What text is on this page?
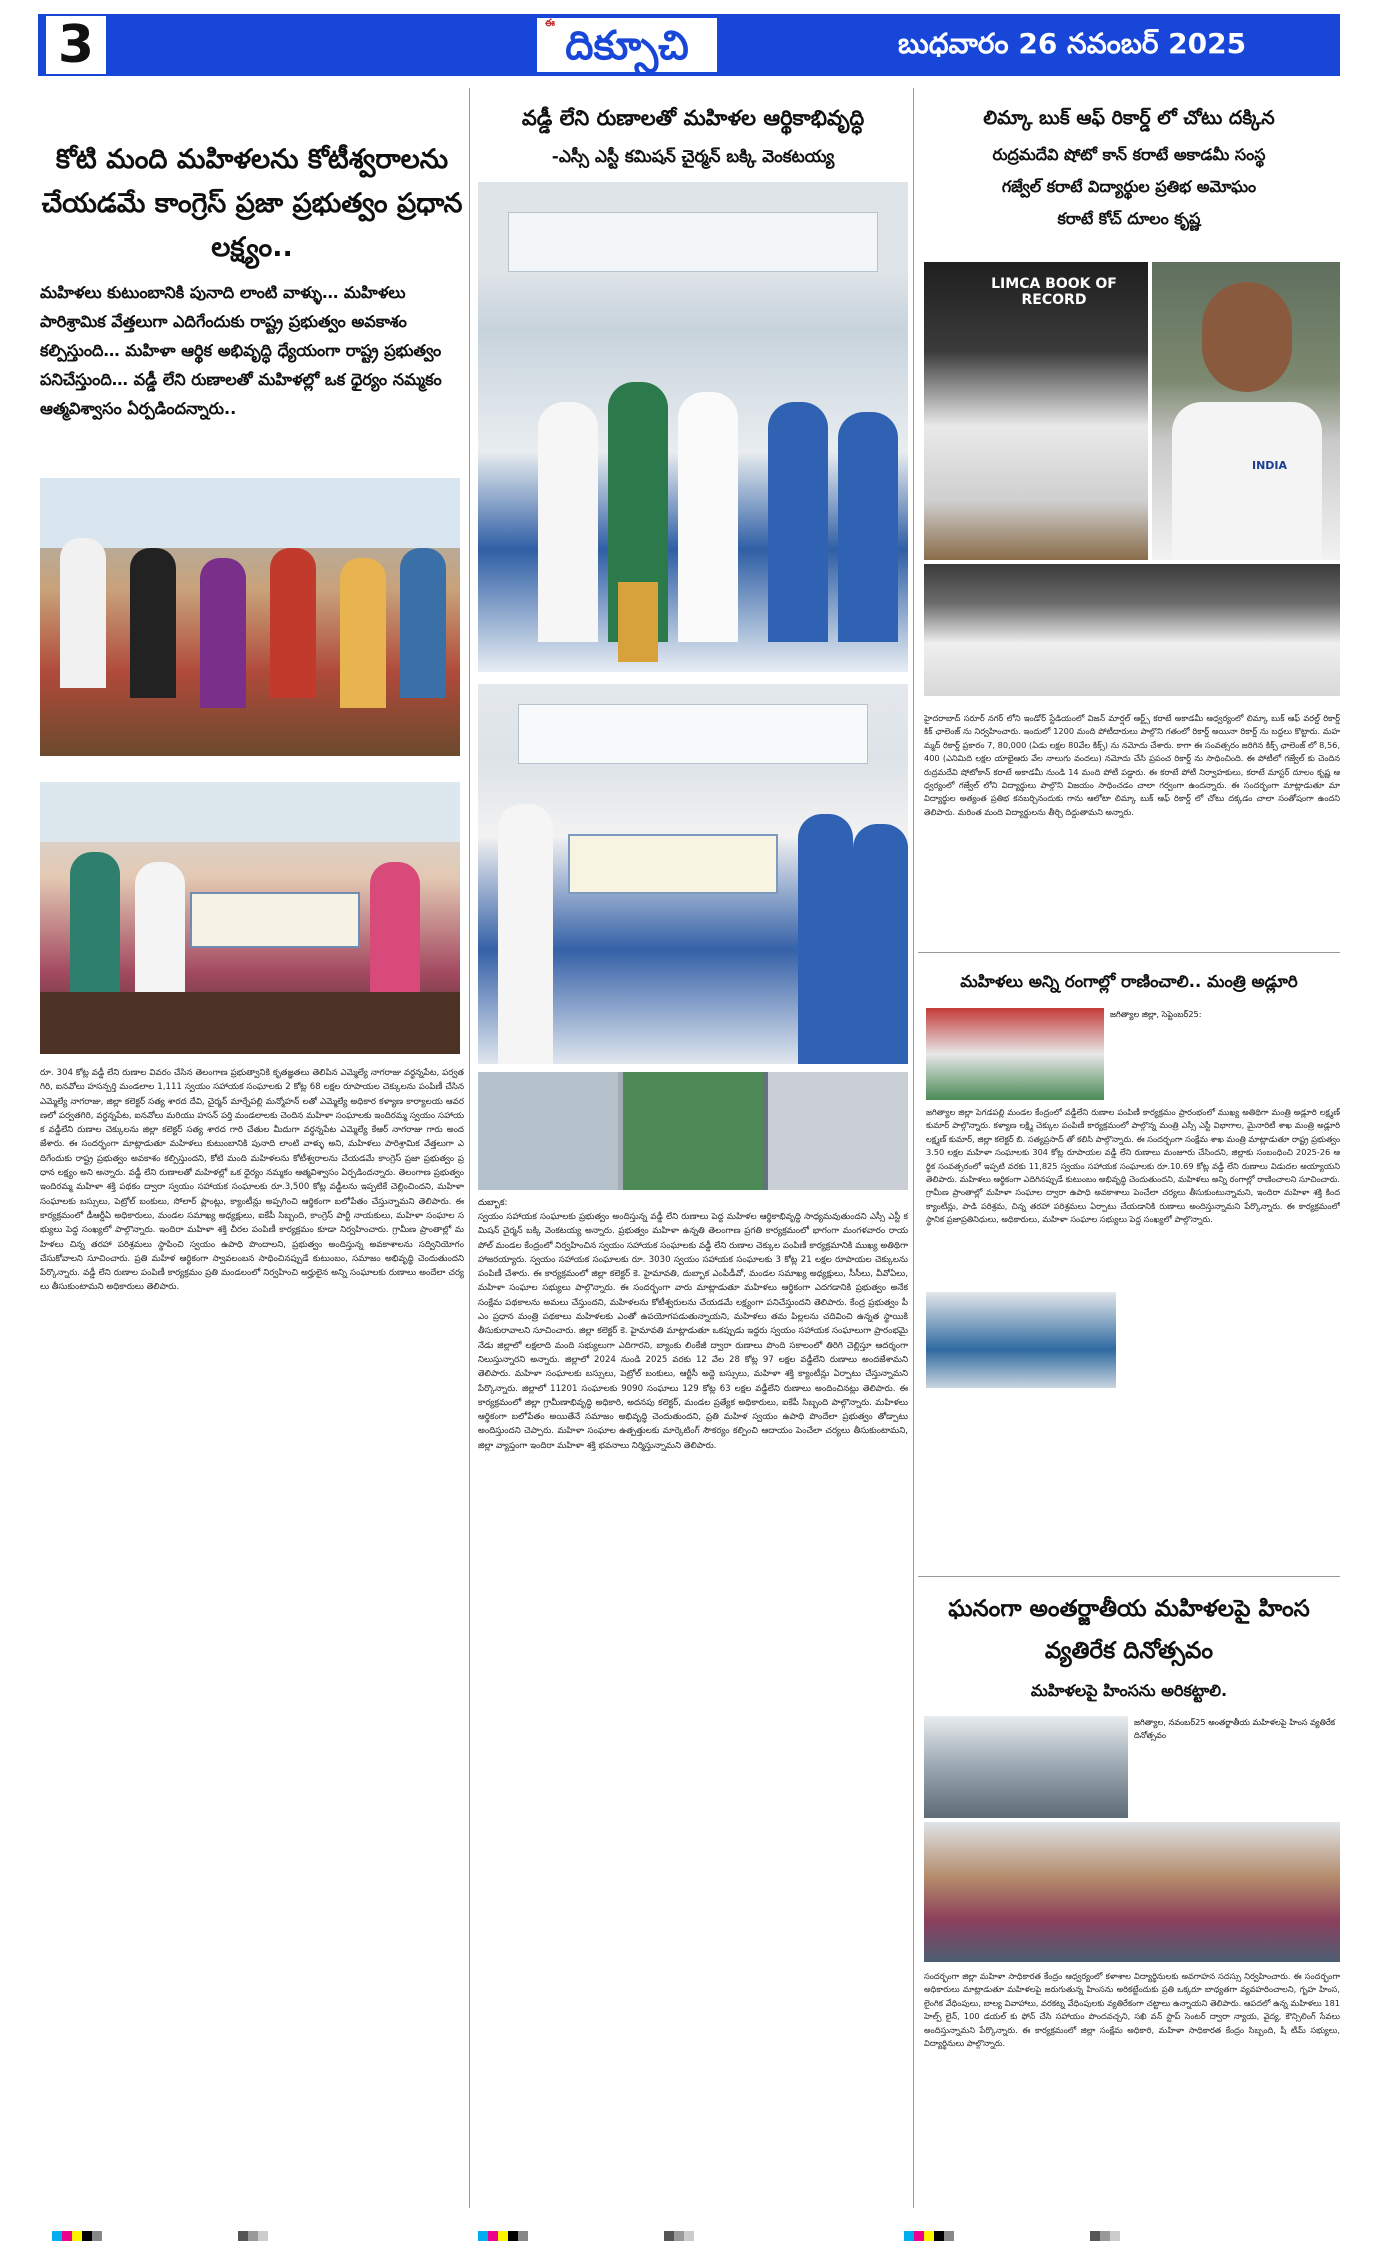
3	ఈ దిక్సూచి	బుధవారం 26 నవంబర్ 2025
కోటి మంది మహిళలను కోటీశ్వరాలను చేయడమే కాంగ్రెస్ ప్రజా ప్రభుత్వం ప్రధాన లక్ష్యం..
మహిళలు కుటుంబానికి పునాది లాంటి వాళ్ళు… మహిళలు పారిశ్రామిక వేత్తలుగా ఎదిగేందుకు రాష్ట్ర ప్రభుత్వం అవకాశం కల్పిస్తుంది… మహిళా ఆర్థిక అభివృద్ధి ధ్యేయంగా రాష్ట్ర ప్రభుత్వం పనిచేస్తుంది… వడ్డీ లేని రుణాలతో మహిళల్లో ఒక ధైర్యం నమ్మకం ఆత్మవిశ్వాసం ఏర్పడిందన్నారు..
రూ. 304 కోట్ల వడ్డీ లేని రుణాల వివరం చేసిన తెలంగాణ ప్రభుత్వానికి కృతజ్ఞతలు తెలిపిన ఎమ్మెల్యే నాగరాజు వర్ధన్నపేట, పర్వతగిరి, ఐనవోలు హసన్పర్తి మండలాల 1,111 స్వయం సహాయక సంఘాలకు 2 కోట్ల 68 లక్షల రూపాయల చెక్కులను పంపిణీ చేసిన ఎమ్మెల్యే నాగరాజు, జిల్లా కలెక్టర్ సత్య శారద దేవి, చైర్మన్ మార్నేపల్లి మన్మోహన్ లతో ఎమ్మెల్యే అధికార కళ్యాణ కార్యాలయ ఆవరణలో పర్వతగిరి, వర్ధన్నపేట, ఐనవోలు మరియు హసన్ పర్తి మండలాలకు చెందిన మహిళా సంఘాలకు ఇందిరమ్మ స్వయం సహాయక వడ్డీలేని రుణాల చెక్కులను జిల్లా కలెక్టర్ సత్య శారద గారి చేతుల మీదుగా వర్ధన్నపేట ఎమ్మెల్యే కేఆర్ నాగరాజు గారు అందజేశారు. ఈ సందర్భంగా మాట్లాడుతూ మహిళలు కుటుంబానికి పునాది లాంటి వాళ్ళు అని, మహిళలు పారిశ్రామిక వేత్తలుగా ఎదిగేందుకు రాష్ట్ర ప్రభుత్వం అవకాశం కల్పిస్తుందని, కోటి మంది మహిళలను కోటీశ్వరాలను చేయడమే కాంగ్రెస్ ప్రజా ప్రభుత్వం ప్రధాన లక్ష్యం అని అన్నారు. వడ్డీ లేని రుణాలతో మహిళల్లో ఒక ధైర్యం నమ్మకం ఆత్మవిశ్వాసం ఏర్పడిందన్నారు. తెలంగాణ ప్రభుత్వం ఇందిరమ్మ మహిళా శక్తి పథకం ద్వారా స్వయం సహాయక సంఘాలకు రూ.3,500 కోట్ల వడ్డీలను ఇప్పటికే చెల్లించిందని, మహిళా సంఘాలకు బస్సులు, పెట్రోల్ బంకులు, సోలార్ ప్లాంట్లు, క్యాంటీన్లు అప్పగించి ఆర్థికంగా బలోపేతం చేస్తున్నామని తెలిపారు. ఈ కార్యక్రమంలో డీఆర్డీఏ అధికారులు, మండల సమాఖ్య అధ్యక్షులు, ఐకేపీ సిబ్బంది, కాంగ్రెస్ పార్టీ నాయకులు, మహిళా సంఘాల సభ్యులు పెద్ద సంఖ్యలో పాల్గొన్నారు. ఇందిరా మహిళా శక్తి చీరల పంపిణీ కార్యక్రమం కూడా నిర్వహించారు. గ్రామీణ ప్రాంతాల్లో మహిళలు చిన్న తరహా పరిశ్రమలు స్థాపించి స్వయం ఉపాధి పొందాలని, ప్రభుత్వం అందిస్తున్న అవకాశాలను సద్వినియోగం చేసుకోవాలని సూచించారు. ప్రతి మహిళ ఆర్థికంగా స్వావలంబన సాధించినప్పుడే కుటుంబం, సమాజం అభివృద్ధి చెందుతుందని పేర్కొన్నారు. వడ్డీ లేని రుణాల పంపిణీ కార్యక్రమం ప్రతి మండలంలో నిర్వహించి అర్హులైన అన్ని సంఘాలకు రుణాలు అందేలా చర్యలు తీసుకుంటామని అధికారులు తెలిపారు.
వడ్డీ లేని రుణాలతో మహిళల ఆర్థికాభివృద్ధి
-ఎస్సీ ఎస్టీ కమిషన్ చైర్మన్ బక్కి వెంకటయ్య
దుబ్బాక:
స్వయం సహాయక సంఘాలకు ప్రభుత్వం అందిస్తున్న వడ్డీ లేని రుణాలు పెద్ద మహిళల ఆర్థికాభివృద్ధి సాధ్యమవుతుందని ఎస్సీ ఎస్టీ కమిషన్ చైర్మన్ బక్కి వెంకటయ్య అన్నారు. ప్రభుత్వం మహిళా ఉన్నతి తెలంగాణ ప్రగతి కార్యక్రమంలో భాగంగా మంగళవారం రాయపోల్ మండల కేంద్రంలో నిర్వహించిన స్వయం సహాయక సంఘాలకు వడ్డీ లేని రుణాల చెక్కుల పంపిణీ కార్యక్రమానికి ముఖ్య అతిథిగా హాజరయ్యారు. స్వయం సహాయక సంఘాలకు రూ. 3030 స్వయం సహాయక సంఘాలకు 3 కోట్ల 21 లక్షల రూపాయల చెక్కులను పంపిణీ చేశారు. ఈ కార్యక్రమంలో జిల్లా కలెక్టర్ కె. హైమావతి, దుబ్బాక ఎంపీడీవో, మండల సమాఖ్య అధ్యక్షులు, సీసీలు, వీవోఏలు, మహిళా సంఘాల సభ్యులు పాల్గొన్నారు. ఈ సందర్భంగా వారు మాట్లాడుతూ మహిళలు ఆర్థికంగా ఎదగడానికి ప్రభుత్వం అనేక సంక్షేమ పథకాలను అమలు చేస్తుందని, మహిళలను కోటీశ్వరులను చేయడమే లక్ష్యంగా పనిచేస్తుందని తెలిపారు. కేంద్ర ప్రభుత్వం పీ ఎం ప్రధాన మంత్రి పథకాలు మహిళలకు ఎంతో ఉపయోగపడుతున్నాయని, మహిళలు తమ పిల్లలను చదివించి ఉన్నత స్థాయికి తీసుకురావాలని సూచించారు. జిల్లా కలెక్టర్ కె. హైమావతి మాట్లాడుతూ ఒకప్పుడు ఇద్దరు స్వయం సహాయక సంఘాలుగా ప్రారంభమై నేడు జిల్లాలో లక్షలాది మంది సభ్యులుగా ఎదిగారని, బ్యాంకు లింకేజీ ద్వారా రుణాలు పొంది సకాలంలో తిరిగి చెల్లిస్తూ ఆదర్శంగా నిలుస్తున్నారని అన్నారు. జిల్లాలో 2024 నుండి 2025 వరకు 12 వేల 28 కోట్ల 97 లక్షల వడ్డీలేని రుణాలు అందజేశామని తెలిపారు. మహిళా సంఘాలకు బస్సులు, పెట్రోల్ బంకులు, ఆర్టీసీ అద్దె బస్సులు, మహిళా శక్తి క్యాంటీన్లు ఏర్పాటు చేస్తున్నామని పేర్కొన్నారు. జిల్లాలో 11201 సంఘాలకు 9090 సంఘాలు 129 కోట్ల 63 లక్షల వడ్డీలేని రుణాలు అందించినట్లు తెలిపారు. ఈ కార్యక్రమంలో జిల్లా గ్రామీణాభివృద్ధి అధికారి, అదనపు కలెక్టర్, మండల ప్రత్యేక అధికారులు, ఐకేపీ సిబ్బంది పాల్గొన్నారు. మహిళలు ఆర్థికంగా బలోపేతం అయితేనే సమాజం అభివృద్ధి చెందుతుందని, ప్రతి మహిళ స్వయం ఉపాధి పొందేలా ప్రభుత్వం తోడ్పాటు అందిస్తుందని చెప్పారు. మహిళా సంఘాల ఉత్పత్తులకు మార్కెటింగ్ సౌకర్యం కల్పించి ఆదాయం పెంచేలా చర్యలు తీసుకుంటామని, జిల్లా వ్యాప్తంగా ఇందిరా మహిళా శక్తి భవనాలు నిర్మిస్తున్నామని తెలిపారు.
లిమ్కా బుక్ ఆఫ్ రికార్డ్ లో చోటు దక్కిన
రుద్రమదేవి షోటో కాన్ కరాటే అకాడమీ సంస్థ
గజ్వేల్ కరాటే విద్యార్థుల ప్రతిభ అమోఘం
కరాటే కోచ్ దూలం కృష్ణ
LIMCA BOOK OF RECORD
INDIA
హైదరాబాద్ సరూర్ నగర్ లోని ఇండోర్ స్టేడియంలో విజన్ మార్షల్ ఆర్ట్స్ కరాటే అకాడమీ ఆధ్వర్యంలో లిమ్కా బుక్ ఆఫ్ వరల్డ్ రికార్డ్ కిక్ ఛాలెంజ్ ను నిర్వహించారు. ఇందులో 1200 మంది పోటీదారులు పాల్గొని గతంలో రికార్డ్ అయినా రికార్డ్ ను బద్దలు కొట్టారు. మహమ్మద్ రికార్డ్ ప్రకారం 7, 80,000 (ఏడు లక్షల 80వేల కిక్స్) ను నమోదు చేశారు. కాగా ఈ సంవత్సరం జరిగిన కిక్స్ ఛాలెంజ్ లో 8,56,400 (ఎనిమిది లక్షల యాభైఆరు వేల నాలుగు వందలు) నమోదు చేసి ప్రపంచ రికార్డ్ ను సాధించింది. ఈ పోటీలో గజ్వేల్ కు చెందిన రుద్రమదేవి షోటోకాన్ కరాటే అకాడమీ నుండి 14 మంది పోటీ పడ్డారు. ఈ కరాటే పోటీ నిర్వాహకులు, కరాటే మాస్టర్ దూలం కృష్ణ ఆధ్వర్యంలో గజ్వేల్ లోని విద్యార్థులు పాల్గొని విజయం సాధించడం చాలా గర్వంగా ఉందన్నారు. ఈ సందర్భంగా మాట్లాడుతూ మా విద్యార్థుల అత్యంత ప్రతిభ కనబర్చినందుకు గాను ఆలోటా లిమ్కా బుక్ ఆఫ్ రికార్డ్ లో చోటు దక్కడం చాలా సంతోషంగా ఉందని తెలిపారు. మరింత మంది విద్యార్థులను తీర్చి దిద్దుతామని అన్నారు.
మహిళలు అన్ని రంగాల్లో రాణించాలి.. మంత్రి అడ్లూరి
జగిత్యాల జిల్లా, సెప్టెంబర్25:
జగిత్యాల జిల్లా పెగడపల్లి మండల కేంద్రంలో వడ్డీలేని రుణాల పంపిణీ కార్యక్రమం ప్రారంభంలో ముఖ్య అతిథిగా మంత్రి అడ్లూరి లక్ష్మణ్ కుమార్ పాల్గొన్నారు. కళ్యాణ లక్ష్మి చెక్కుల పంపిణీ కార్యక్రమంలో పాల్గొన్న మంత్రి ఎస్సీ ఎస్టీ విభాగాల, మైనారిటీ శాఖ మంత్రి అడ్లూరి లక్ష్మణ్ కుమార్, జిల్లా కలెక్టర్ బి. సత్యప్రసాద్ తో కలిసి పాల్గొన్నారు. ఈ సందర్భంగా సంక్షేమ శాఖ మంత్రి మాట్లాడుతూ రాష్ట్ర ప్రభుత్వం 3.50 లక్షల మహిళా సంఘాలకు 304 కోట్ల రూపాయల వడ్డీ లేని రుణాలు మంజూరు చేసిందని, జిల్లాకు సంబంధించి 2025-26 ఆర్థిక సంవత్సరంలో ఇప్పటి వరకు 11,825 స్వయం సహాయక సంఘాలకు రూ.10.69 కోట్ల వడ్డీ లేని రుణాలు విడుదల అయ్యాయని తెలిపారు. మహిళలు ఆర్థికంగా ఎదిగినప్పుడే కుటుంబం అభివృద్ధి చెందుతుందని, మహిళలు అన్ని రంగాల్లో రాణించాలని సూచించారు. గ్రామీణ ప్రాంతాల్లో మహిళా సంఘాల ద్వారా ఉపాధి అవకాశాలు పెంచేలా చర్యలు తీసుకుంటున్నామని, ఇందిరా మహిళా శక్తి కింద క్యాంటీన్లు, పాడి పరిశ్రమ, చిన్న తరహా పరిశ్రమలు ఏర్పాటు చేయడానికి రుణాలు అందిస్తున్నామని పేర్కొన్నారు. ఈ కార్యక్రమంలో స్థానిక ప్రజాప్రతినిధులు, అధికారులు, మహిళా సంఘాల సభ్యులు పెద్ద సంఖ్యలో పాల్గొన్నారు.
ఘనంగా అంతర్జాతీయ మహిళలపై హింస వ్యతిరేక దినోత్సవం
మహిళలపై హింసను అరికట్టాలి.
జగిత్యాల, నవంబర్25 అంతర్జాతీయ మహిళలపై హింస వ్యతిరేక దినోత్సవం
సందర్భంగా జిల్లా మహిళా సాధికారత కేంద్రం ఆధ్వర్యంలో కళాశాల విద్యార్థినులకు అవగాహన సదస్సు నిర్వహించారు. ఈ సందర్భంగా అధికారులు మాట్లాడుతూ మహిళలపై జరుగుతున్న హింసను అరికట్టేందుకు ప్రతి ఒక్కరూ బాధ్యతగా వ్యవహరించాలని, గృహ హింస, లైంగిక వేధింపులు, బాల్య వివాహాలు, వరకట్న వేధింపులకు వ్యతిరేకంగా చట్టాలు ఉన్నాయని తెలిపారు. ఆపదలో ఉన్న మహిళలు 181 హెల్ప్ లైన్, 100 డయల్ కు ఫోన్ చేసి సహాయం పొందవచ్చని, సఖి వన్ స్టాప్ సెంటర్ ద్వారా న్యాయ, వైద్య, కౌన్సిలింగ్ సేవలు అందిస్తున్నామని పేర్కొన్నారు. ఈ కార్యక్రమంలో జిల్లా సంక్షేమ అధికారి, మహిళా సాధికారత కేంద్రం సిబ్బంది, షీ టీమ్ సభ్యులు, విద్యార్థినులు పాల్గొన్నారు.
